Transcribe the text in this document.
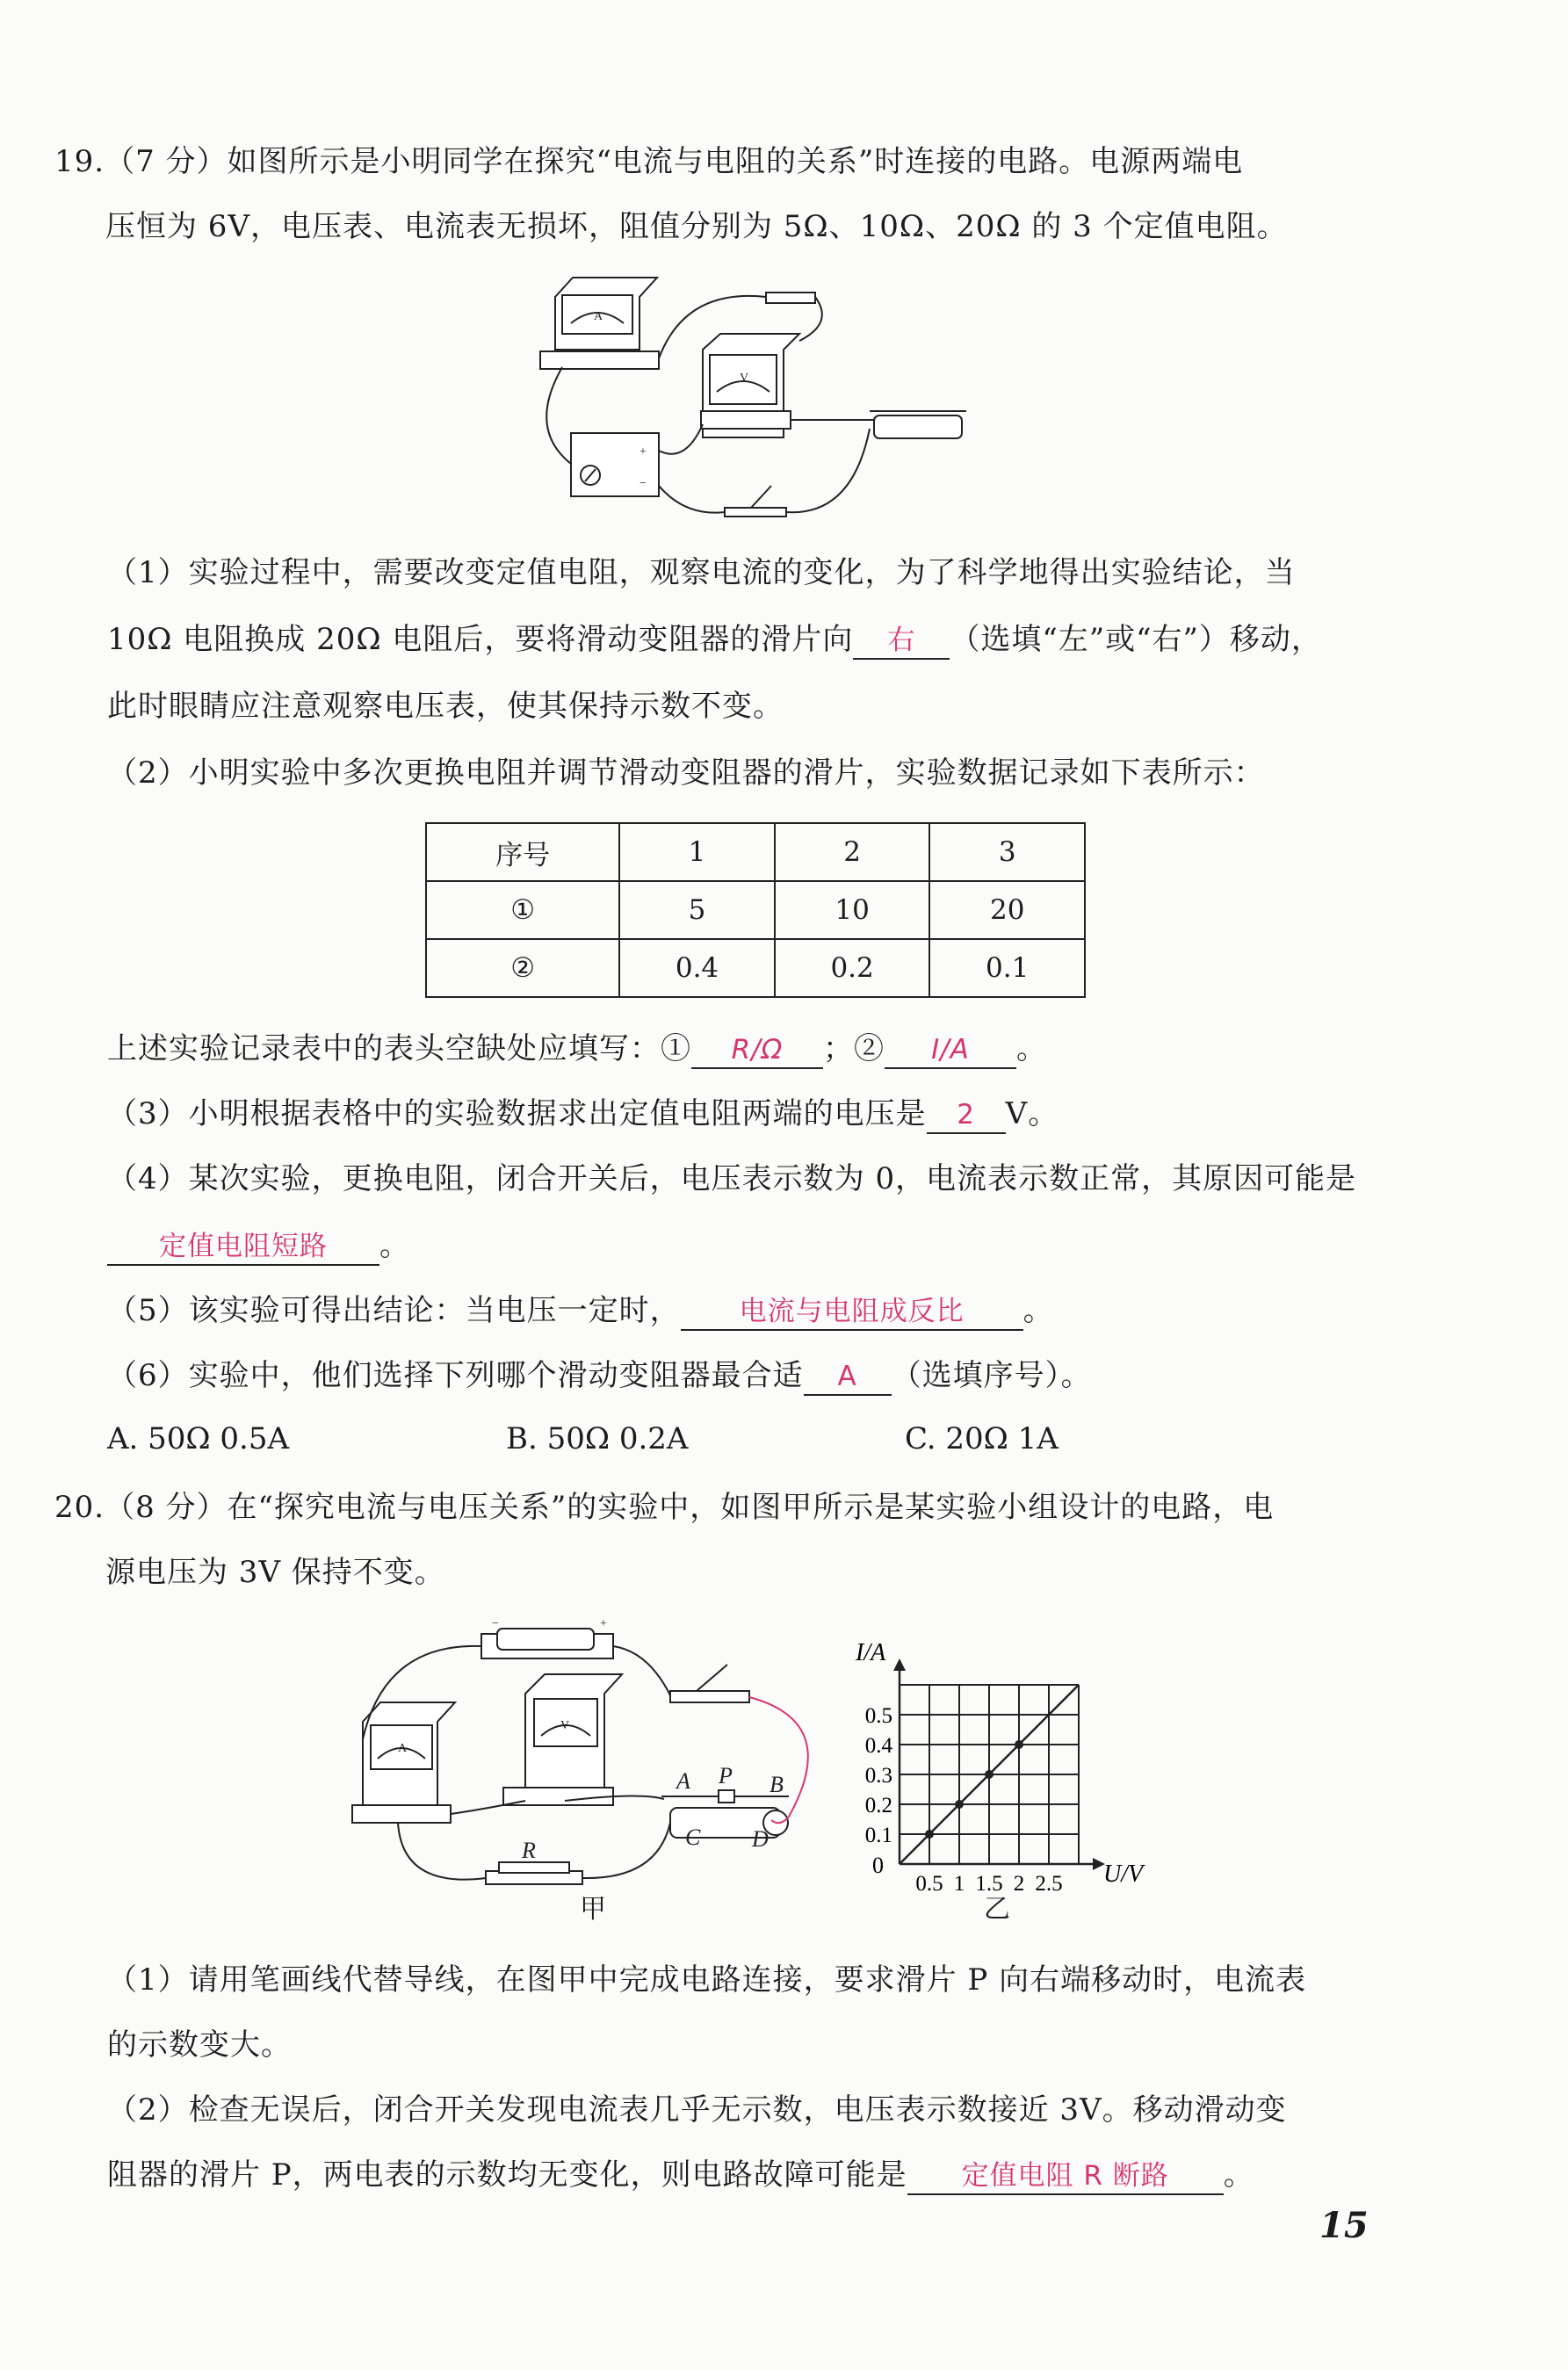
19.（7 分）如图所示是小明同学在探究“电流与电阻的关系”时连接的电路。电源两端电
压恒为 6V，电压表、电流表无损坏，阻值分别为 5Ω、10Ω、20Ω 的 3 个定值电阻。
A
V
+
−
（1）实验过程中，需要改变定值电阻，观察电流的变化，为了科学地得出实验结论，当
10Ω 电阻换成 20Ω 电阻后，要将滑动变阻器的滑片向 右 （选填“左”或“右”）移动，
此时眼睛应注意观察电压表，使其保持示数不变。
（2）小明实验中多次更换电阻并调节滑动变阻器的滑片，实验数据记录如下表所示：
序号	1	2	3
①	5	10	20
②	0.4	0.2	0.1
上述实验记录表中的表头空缺处应填写：① R/Ω ；② I/A 。
（3）小明根据表格中的实验数据求出定值电阻两端的电压是 2 V。
（4）某次实验，更换电阻，闭合开关后，电压表示数为 0，电流表示数正常，其原因可能是
定值电阻短路 。
（5）该实验可得出结论：当电压一定时， 电流与电阻成反比 。
（6）实验中，他们选择下列哪个滑动变阻器最合适 A （选填序号）。
A. 50Ω 0.5A	B. 50Ω 0.2A	C. 20Ω 1A
20.（8 分）在“探究电流与电压关系”的实验中，如图甲所示是某实验小组设计的电路，电
源电压为 3V 保持不变。
A P B
C D
R
A
V
−	+
甲
I/A
U/V
0
0.5 1 1.5 2 2.5
0.1
0.2
0.3
0.4
0.5
乙
（1）请用笔画线代替导线，在图甲中完成电路连接，要求滑片 P 向右端移动时，电流表
的示数变大。
（2）检查无误后，闭合开关发现电流表几乎无示数，电压表示数接近 3V。移动滑动变
阻器的滑片 P，两电表的示数均无变化，则电路故障可能是 定值电阻 R 断路 。
15
